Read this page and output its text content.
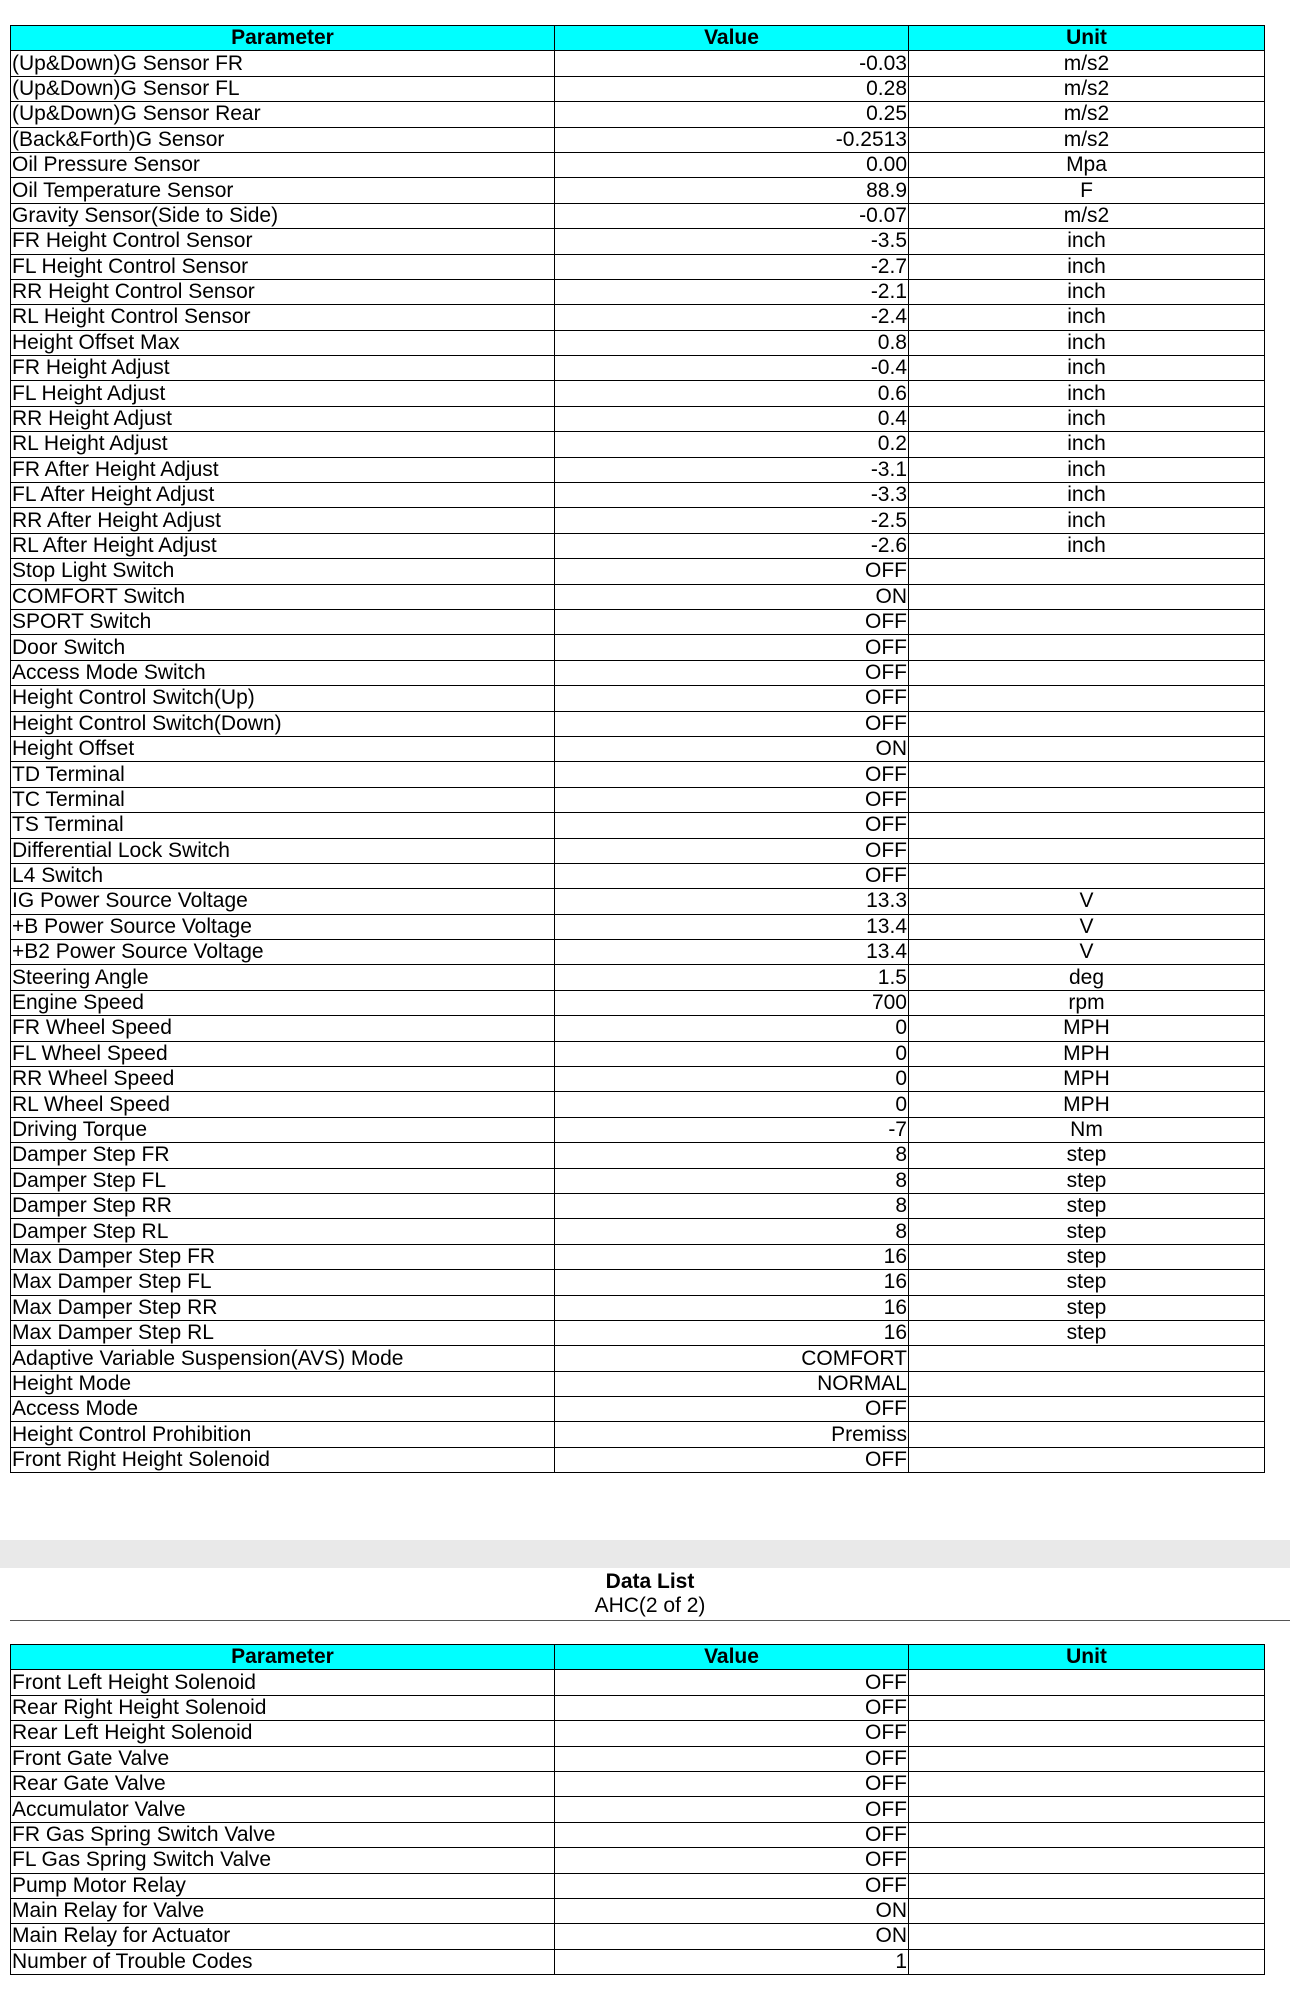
Parameter	Value	Unit
(Up&Down)G Sensor FR	-0.03	m/s2
(Up&Down)G Sensor FL	0.28	m/s2
(Up&Down)G Sensor Rear	0.25	m/s2
(Back&Forth)G Sensor	-0.2513	m/s2
Oil Pressure Sensor	0.00	Mpa
Oil Temperature Sensor	88.9	F
Gravity Sensor(Side to Side)	-0.07	m/s2
FR Height Control Sensor	-3.5	inch
FL Height Control Sensor	-2.7	inch
RR Height Control Sensor	-2.1	inch
RL Height Control Sensor	-2.4	inch
Height Offset Max	0.8	inch
FR Height Adjust	-0.4	inch
FL Height Adjust	0.6	inch
RR Height Adjust	0.4	inch
RL Height Adjust	0.2	inch
FR After Height Adjust	-3.1	inch
FL After Height Adjust	-3.3	inch
RR After Height Adjust	-2.5	inch
RL After Height Adjust	-2.6	inch
Stop Light Switch	OFF	
COMFORT Switch	ON	
SPORT Switch	OFF	
Door Switch	OFF	
Access Mode Switch	OFF	
Height Control Switch(Up)	OFF	
Height Control Switch(Down)	OFF	
Height Offset	ON	
TD Terminal	OFF	
TC Terminal	OFF	
TS Terminal	OFF	
Differential Lock Switch	OFF	
L4 Switch	OFF	
IG Power Source Voltage	13.3	V
+B Power Source Voltage	13.4	V
+B2 Power Source Voltage	13.4	V
Steering Angle	1.5	deg
Engine Speed	700	rpm
FR Wheel Speed	0	MPH
FL Wheel Speed	0	MPH
RR Wheel Speed	0	MPH
RL Wheel Speed	0	MPH
Driving Torque	-7	Nm
Damper Step FR	8	step
Damper Step FL	8	step
Damper Step RR	8	step
Damper Step RL	8	step
Max Damper Step FR	16	step
Max Damper Step FL	16	step
Max Damper Step RR	16	step
Max Damper Step RL	16	step
Adaptive Variable Suspension(AVS) Mode	COMFORT	
Height Mode	NORMAL	
Access Mode	OFF	
Height Control Prohibition	Premiss	
Front Right Height Solenoid	OFF	
Data List
AHC(2 of 2)
Parameter	Value	Unit
Front Left Height Solenoid	OFF	
Rear Right Height Solenoid	OFF	
Rear Left Height Solenoid	OFF	
Front Gate Valve	OFF	
Rear Gate Valve	OFF	
Accumulator Valve	OFF	
FR Gas Spring Switch Valve	OFF	
FL Gas Spring Switch Valve	OFF	
Pump Motor Relay	OFF	
Main Relay for Valve	ON	
Main Relay for Actuator	ON	
Number of Trouble Codes	1	
